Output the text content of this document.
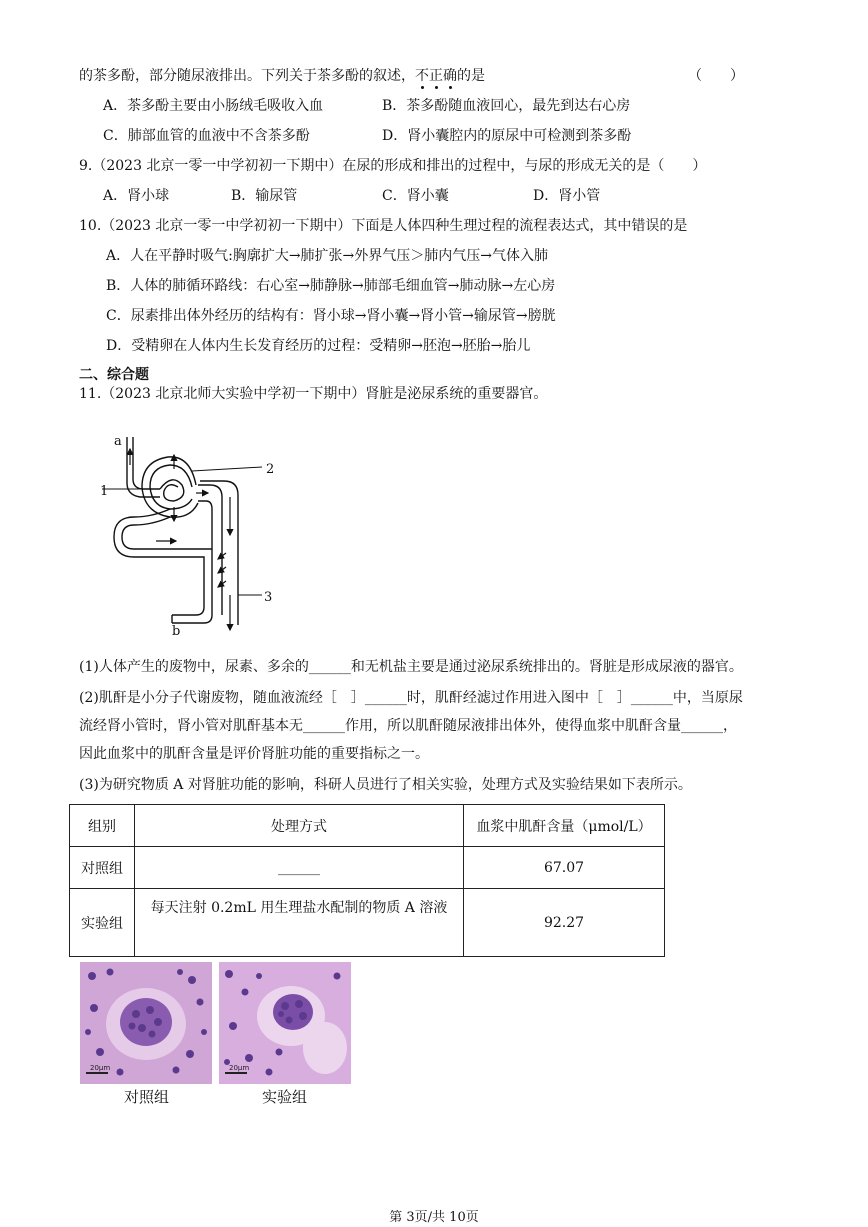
的茶多酚，部分随尿液排出。下列关于茶多酚的叙述，不
正
确
的是	（　　）
A．茶多酚主要由小肠绒毛吸收入血	B．茶多酚随血液回心，最先到达右心房
C．肺部血管的血液中不含茶多酚	D．肾小囊腔内的原尿中可检测到茶多酚
9.（2023 北京一零一中学初初一下期中）在尿的形成和排出的过程中，与尿的形成无关的是（　　）
A．肾小球	B．输尿管	C．肾小囊	D．肾小管
10.（2023 北京一零一中学初初一下期中）下面是人体四种生理过程的流程表达式，其中错误的是
A．人在平静时吸气:胸廓扩大→肺扩张→外界气压＞肺内气压→气体入肺
B．人体的肺循环路线：右心室→肺静脉→肺部毛细血管→肺动脉→左心房
C．尿素排出体外经历的结构有：肾小球→肾小囊→肾小管→输尿管→膀胱
D．受精卵在人体内生长发育经历的过程：受精卵→胚泡→胚胎→胎儿
二、综合题
11.（2023 北京北师大实验中学初一下期中）肾脏是泌尿系统的重要器官。
a
b
1
2
3
(1)人体产生的废物中，尿素、多余的______和无机盐主要是通过泌尿系统排出的。肾脏是形成尿液的器官。
(2)肌酐是小分子代谢废物，随血液流经［　］______时，肌酐经滤过作用进入图中［　］______中，当原尿
流经肾小管时，肾小管对肌酐基本无______作用，所以肌酐随尿液排出体外，使得血浆中肌酐含量______，
因此血浆中的肌酐含量是评价肾脏功能的重要指标之一。
(3)为研究物质 A 对肾脏功能的影响，科研人员进行了相关实验，处理方式及实验结果如下表所示。
组别	处理方式	血浆中肌酐含量（μmol/L）
对照组	______	67.07
实验组	每天注射 0.2mL 用生理盐水配制的物质 A 溶液	92.27
20μm	20μm
对照组	实验组
第 3页/共 10页
